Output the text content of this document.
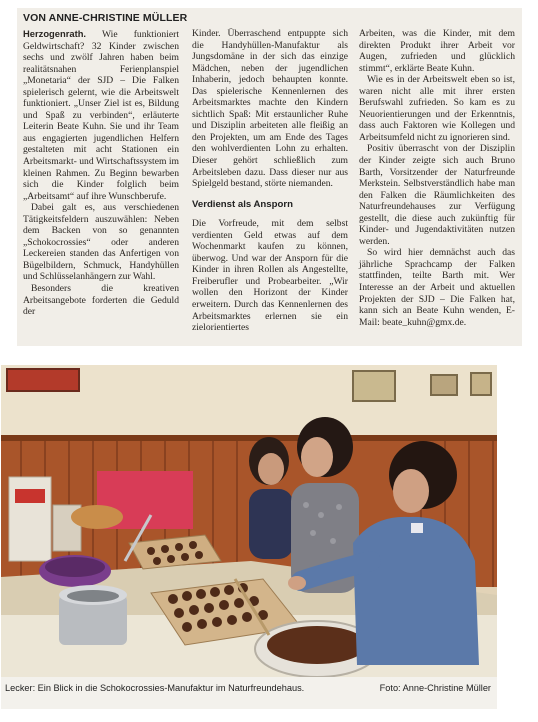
VON ANNE-CHRISTINE MÜLLER

Herzogenrath. Wie funktioniert Geldwirtschaft? 32 Kinder zwischen sechs und zwölf Jahren haben beim realitätsnahen Ferienplanspiel „Monetaria“ der SJD – Die Falken spielerisch gelernt, wie die Arbeitswelt funktioniert. „Unser Ziel ist es, Bildung und Spaß zu verbinden“, erläuterte Leiterin Beate Kuhn. Sie und ihr Team aus engagierten jugendlichen Helfern gestalteten mit acht Stationen ein Arbeitsmarkt- und Wirtschaftssystem im kleinen Rahmen. Zu Beginn bewarben sich die Kinder folglich beim „Arbeitsamt“ auf ihre Wunschberufe.

Dabei galt es, aus verschiedenen Tätigkeitsfeldern auszuwählen: Neben dem Backen von so genannten „Schokocrossies“ oder anderen Leckereien standen das Anfertigen von Bügelbildern, Schmuck, Handyhüllen und Schlüsselanhängern zur Wahl.

Besonders die kreativen Arbeitsangebote forderten die Geduld der

Kinder. Überraschend entpuppte sich die Handyhüllen-Manufaktur als Jungsdomäne in der sich das einzige Mädchen, neben der jugendlichen Inhaberin, jedoch behaupten konnte. Das spielerische Kennenlernen des Arbeitsmarktes machte den Kindern sichtlich Spaß: Mit erstaunlicher Ruhe und Disziplin arbeiteten alle fleißig an den Projekten, um am Ende des Tages den wohlverdienten Lohn zu erhalten. Dieser gehört schließlich zum Arbeitsleben dazu. Dass dieser nur aus Spielgeld bestand, störte niemanden.

Verdienst als Ansporn

Die Vorfreude, mit dem selbst verdienten Geld etwas auf dem Wochenmarkt kaufen zu können, überwog. Und war der Ansporn für die Kinder in ihren Rollen als Angestellte, Freiberufler und Probearbeiter. „Wir wollen den Horizont der Kinder erweitern. Durch das Kennenlernen des Arbeitsmarktes erlernen sie ein zielorientiertes

Arbeiten, was die Kinder, mit dem direkten Produkt ihrer Arbeit vor Augen, zufrieden und glücklich stimmt“, erklärte Beate Kuhn.

Wie es in der Arbeitswelt eben so ist, waren nicht alle mit ihrer ersten Berufswahl zufrieden. So kam es zu Neuorientierungen und der Erkenntnis, dass auch Faktoren wie Kollegen und Arbeitsumfeld nicht zu ignorieren sind.

Positiv überrascht von der Disziplin der Kinder zeigte sich auch Bruno Barth, Vorsitzender der Naturfreunde Merkstein. Selbstverständlich habe man den Falken die Räumlichkeiten des Naturfreundehauses zur Verfügung gestellt, die diese auch zukünftig für Kinder- und Jugendaktivitäten nutzen werden.

So wird hier demnächst auch das jährliche Sprachcamp der Falken stattfinden, teilte Barth mit. Wer Interesse an der Arbeit und aktuellen Projekten der SJD – Die Falken hat, kann sich an Beate Kuhn wenden, E-Mail: beate_kuhn@gmx.de.

Lecker: Ein Blick in die Schokocrossies-Manufaktur im Naturfreundehaus.	Foto: Anne-Christine Müller
